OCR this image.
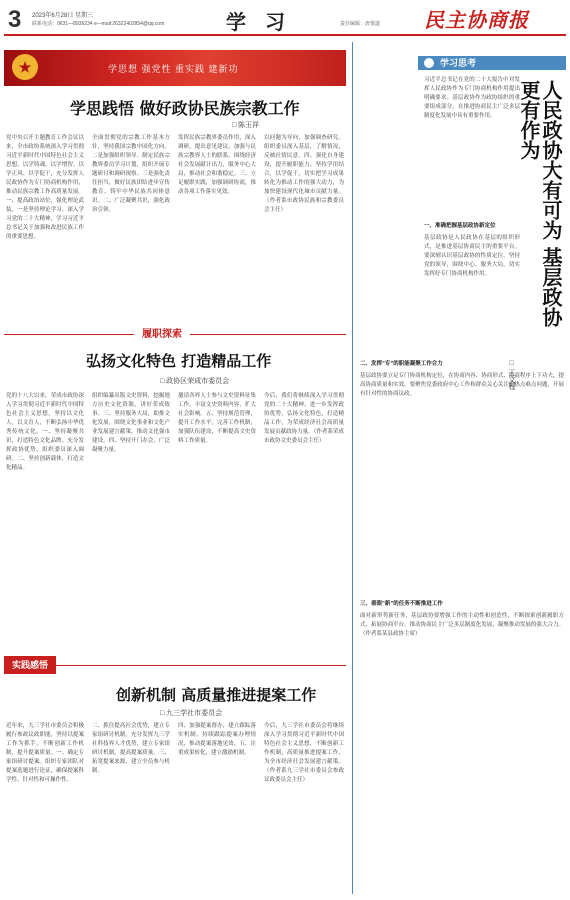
3 2023年6月28日 星期三
联系电话：0631—8936234 e—mail:26322402854@qq.com	学 习	责任编辑：唐慎道 民主协商报
★	学思想 强党性 重实践 建新功
学思践悟 做好政协民族宗教工作
□ 陈玉祥
党中央召开主题教育工作会议以来，全市政协系统深入学习贯彻习近平新时代中国特色社会主义思想，以学铸魂、以学增智、以学正风、以学促干，充分发挥人民政协作为专门协商机构作用，推动民族宗教工作高质量发展。一、提高政治站位，强化理论武装。一是坚持理论学习。深入学习党的二十大精神，学习习近平总书记关于加强和改进民族工作的重要思想。
全面贯彻党的宗教工作基本方针，坚持我国宗教中国化方向。二是加强组织领导。制定民族宗教界委员学习计划，组织开展专题研讨和调研视察。三是强化责任担当，做好民族团结进步宣传教育，铸牢中华民族共同体意识。二、广泛凝聚共识，强化政治引领。
发挥民族宗教界委员作用，深入调研，提出意见建议。加强与民族宗教界人士的联系，围绕经济社会发展献计出力，服务中心大局，推动社会和谐稳定。三、立足履职实践，加强调研协商，推动各项工作落实见效。
以问题为导向，加强调查研究。组织委员深入基层，了解情况，反映社情民意。四、强化自身建设，提升履职能力。坚持学用结合，以学促干，切实把学习成果转化为推动工作的强大动力，为加快建设现代化城市贡献力量。（作者系市政协民族和宗教委员会主任）
履职探索
弘扬文化特色 打造精品工作
□ 政协区荣成市委员会
党的十八大以来，荣成市政协深入学习贯彻习近平新时代中国特色社会主义思想，坚持以文化人，以文育人，不断弘扬中华优秀传统文化。一、坚持凝聚共识，打造特色文化品牌。充分发挥政协优势，组织委员深入调研。二、坚持创新载体，打造文化精品。
组织编纂出版文史资料，挖掘地方历史文化资源，讲好荣成故事。三、坚持服务大局，助推文化发展。围绕文化事业和文化产业发展建言献策，推动文化强市建设。四、坚持开门办会，广泛凝聚力量。
邀请各界人士参与文史资料征集工作，丰富文史资料内容，扩大社会影响。五、坚持规范管理，提升工作水平。完善工作机制，加强队伍建设，不断提高文史资料工作质量。
今后，我们将继续深入学习贯彻党的二十大精神，进一步发挥政协优势，弘扬文化特色，打造精品工作，为荣成经济社会高质量发展贡献政协力量。（作者系荣成市政协文史委员会主任）
实践感悟
创新机制 高质量推进提案工作
□ 九三学社市委员会
近年来，九三学社市委员会积极履行参政议政职能，坚持以提案工作为抓手，不断创新工作机制，提升提案质量。一、确定专家组研讨提案。组织专家团队对提案选题进行论证，确保提案科学性、针对性和可操作性。
二、抓住提高社会优势，建立专家组研讨机制。充分发挥九三学社科技界人才优势，建立专家组研讨机制，提高提案质量。三、拓宽提案来源，建立全员参与机制。
四、加强提案督办，建立跟踪落实机制。持续跟踪提案办理情况，推动提案落地见效。五、注重成果转化，建立激励机制。
今后，九三学社市委员会将继续深入学习贯彻习近平新时代中国特色社会主义思想，不断创新工作机制，高质量推进提案工作，为全市经济社会发展建言献策。（作者系九三学社市委员会参政议政委员会主任）
学习思考
人民政协大有可为 基层政协更有作为
□ 王文程
习近平总书记在党的二十大报告中对发挥人民政协作为专门协商机构作用提出明确要求。基层政协作为政协组织的重要组成部分，在推进协商民主广泛多层制度化发展中具有重要作用。
一、准确把握基层政协新定位
基层政协是人民政协在基层的组织形式，是推进基层协商民主的重要平台。要深刻认识基层政协的性质定位，坚持党的领导，围绕中心、服务大局，切实发挥好专门协商机构作用。
二、发挥"专"的职能凝聚工作合力
基层政协要立足专门协商机构定位，在协商内容、协商形式、协商程序上下功夫，提高协商质量和实效。要聚焦党委政府中心工作和群众关心关注的热点难点问题，开展有针对性的协商议政。
三、着眼"新"的任务不断推进工作
面对新形势新任务，基层政协要增强工作的主动性和创造性，不断探索创新履职方式，拓展协商平台，推动协商民主广泛多层制度化发展，凝聚推动发展的强大合力。（作者系某县政协主席）
